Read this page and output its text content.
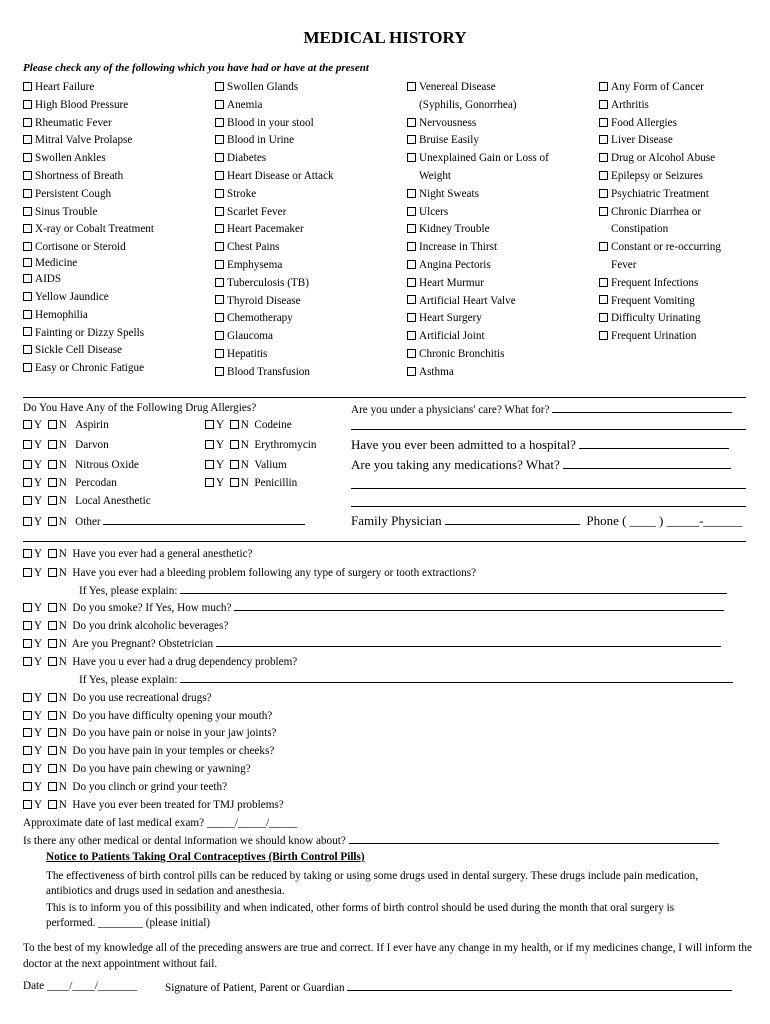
MEDICAL HISTORY
Please check any of the following which you have had or have at the present
Heart Failure
High Blood Pressure
Rheumatic Fever
Mitral Valve Prolapse
Swollen Ankles
Shortness of Breath
Persistent Cough
Sinus Trouble
X-ray or Cobalt Treatment
Cortisone or Steroid
Medicine
AIDS
Yellow Jaundice
Hemophilia
Fainting or Dizzy Spells
Sickle Cell Disease
Easy or Chronic Fatigue
Swollen Glands
Anemia
Blood in your stool
Blood in Urine
Diabetes
Heart Disease or Attack
Stroke
Scarlet Fever
Heart Pacemaker
Chest Pains
Emphysema
Tuberculosis (TB)
Thyroid Disease
Chemotherapy
Glaucoma
Hepatitis
Blood Transfusion
Venereal Disease
(Syphilis, Gonorrhea)
Nervousness
Bruise Easily
Unexplained Gain or Loss of
Weight
Night Sweats
Ulcers
Kidney Trouble
Increase in Thirst
Angina Pectoris
Heart Murmur
Artificial Heart Valve
Heart Surgery
Artificial Joint
Chronic Bronchitis
Asthma
Any Form of Cancer
Arthritis
Food Allergies
Liver Disease
Drug or Alcohol Abuse
Epilepsy or Seizures
Psychiatric Treatment
Chronic Diarrhea or
Constipation
Constant or re-occurring
Fever
Frequent Infections
Frequent Vomiting
Difficulty Urinating
Frequent Urination
Do You Have Any of the Following Drug Allergies?
Y N Aspirin
Y N Darvon
Y N Nitrous Oxide
Y N Percodan
Y N Local Anesthetic
Y N Other
Y N Codeine
Y N Erythromycin
Y N Valium
Y N Penicillin
Are you under a physicians' care? What for?
Have you ever been admitted to a hospital?
Are you taking any medications? What?
Family Physician	Phone ( ____ ) _____-______
Y N Have you ever had a general anesthetic?
Y N Have you ever had a bleeding problem following any type of surgery or tooth extractions?
If Yes, please explain:
Y N Do you smoke? If Yes, How much?
Y N Do you drink alcoholic beverages?
Y N Are you Pregnant? Obstetrician
Y N Have you u ever had a drug dependency problem?
If Yes, please explain:
Y N Do you use recreational drugs?
Y N Do you have difficulty opening your mouth?
Y N Do you have pain or noise in your jaw joints?
Y N Do you have pain in your temples or cheeks?
Y N Do you have pain chewing or yawning?
Y N Do you clinch or grind your teeth?
Y N Have you ever been treated for TMJ problems?
Approximate date of last medical exam? _____/_____/_____
Is there any other medical or dental information we should know about?
Notice to Patients Taking Oral Contraceptives (Birth Control Pills)
The effectiveness of birth control pills can be reduced by taking or using some drugs used in dental surgery. These drugs include pain medication, antibiotics and drugs used in sedation and anesthesia.
This is to inform you of this possibility and when indicated, other forms of birth control should be used during the month that oral surgery is performed. ________ (please initial)
To the best of my knowledge all of the preceding answers are true and correct. If I ever have any change in my health, or if my medicines change, I will inform the doctor at the next appointment without fail.
Date ____/____/_______ Signature of Patient, Parent or Guardian
